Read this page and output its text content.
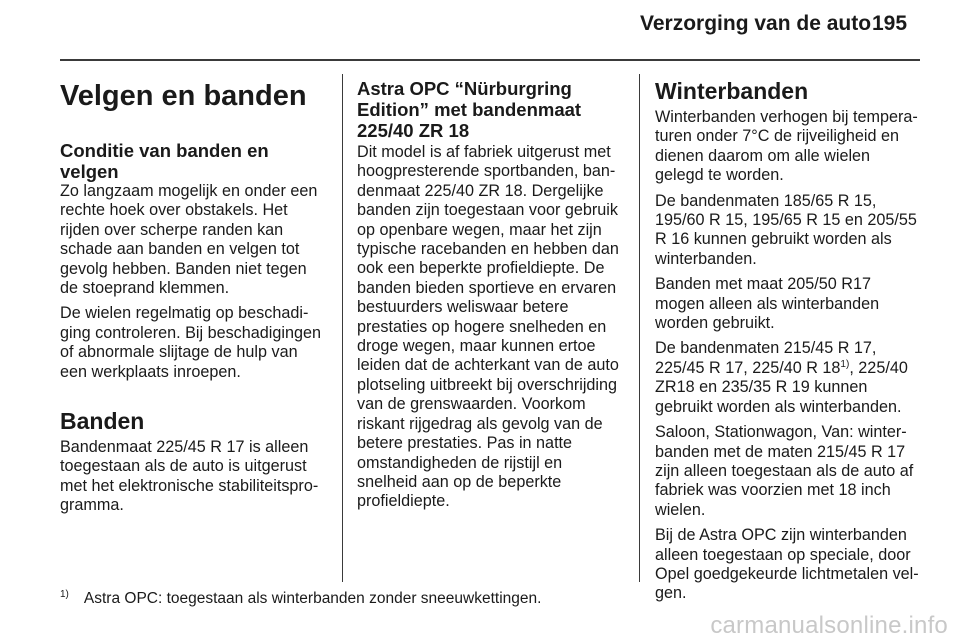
Verzorging van de auto 195
Velgen en banden
Conditie van banden en velgen

Zo langzaam mogelijk en onder een rechte hoek over obstakels. Het rijden over scherpe randen kan schade aan banden en velgen tot gevolg hebben. Banden niet tegen de stoeprand klemmen.

De wielen regelmatig op beschadiging controleren. Bij beschadigingen of abnormale slijtage de hulp van een werkplaats inroepen.

Banden

Bandenmaat 225/45 R 17 is alleen toegestaan als de auto is uitgerust met het elektronische stabiliteitsprogramma.

Astra OPC “Nürburgring Edition” met bandenmaat
225/40 ZR 18

Dit model is af fabriek uitgerust met hoogpresterende sportbanden, bandenmaat 225/40 ZR 18. Dergelijke banden zijn toegestaan voor gebruik op openbare wegen, maar het zijn typische racebanden en hebben dan ook een beperkte profieldiepte. De banden bieden sportieve en ervaren bestuurders weliswaar betere prestaties op hogere snelheden en droge wegen, maar kunnen ertoe leiden dat de achterkant van de auto plotseling uitbreekt bij overschrijding van de grenswaarden. Voorkom riskant rijgedrag als gevolg van de betere prestaties. Pas in natte omstandigheden de rijstijl en snelheid aan op de beperkte profieldiepte.

Winterbanden

Winterbanden verhogen bij temperaturen onder 7°C de rijveiligheid en dienen daarom om alle wielen gelegd te worden.

De bandenmaten 185/65 R 15, 195/60 R 15, 195/65 R 15 en 205/55 R 16 kunnen gebruikt worden als winterbanden.

Banden met maat 205/50 R17 mogen alleen als winterbanden worden gebruikt.

De bandenmaten 215/45 R 17, 225/45 R 17, 225/40 R 18$^{1)}$, 225/40 ZR18 en 235/35 R 19 kunnen gebruikt worden als winterbanden.

Saloon, Stationwagon, Van: winterbanden met de maten 215/45 R 17 zijn alleen toegestaan als de auto af fabriek was voorzien met 18 inch wielen.

Bij de Astra OPC zijn winterbanden alleen toegestaan op speciale, door Opel goedgekeurde lichtmetalen velgen.

$^{1)}$ Astra OPC: toegestaan als winterbanden zonder sneeuwkettingen.
carmanualsonline.info
